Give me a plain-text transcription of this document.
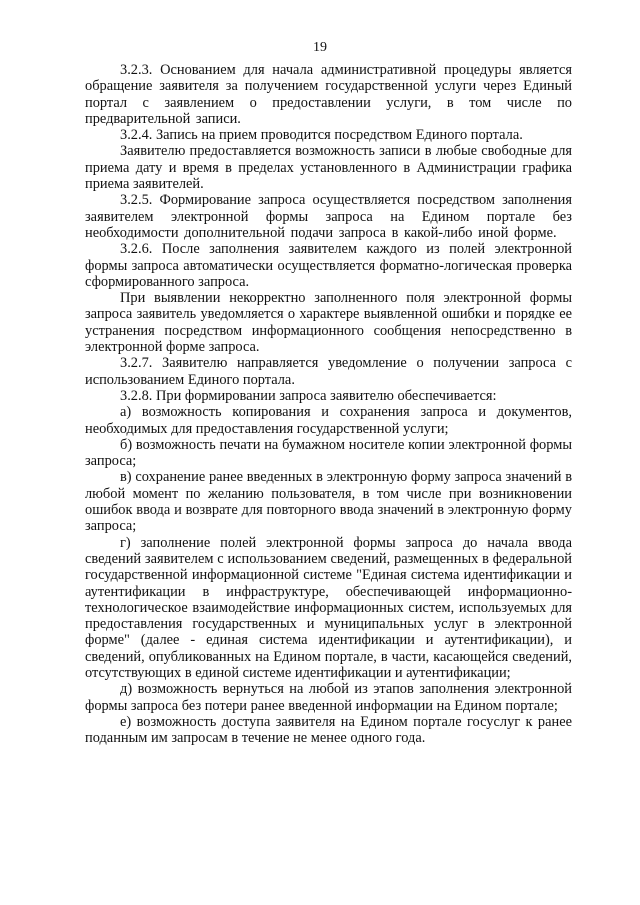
19

3.2.3. Основанием для начала административной процедуры является обращение заявителя за получением государственной услуги через Единый портал с заявлением о предоставлении услуги, в том числе по предварительной записи.

3.2.4. Запись на прием проводится посредством Единого портала.

Заявителю предоставляется возможность записи в любые свободные для приема дату и время в пределах установленного в Администрации графика приема заявителей.

3.2.5. Формирование запроса осуществляется посредством заполнения заявителем электронной формы запроса на Едином портале без необходимости дополнительной подачи запроса в какой-либо иной форме.

3.2.6. После заполнения заявителем каждого из полей электронной формы запроса автоматически осуществляется форматно-логическая проверка сформированного запроса.

При выявлении некорректно заполненного поля электронной формы запроса заявитель уведомляется о характере выявленной ошибки и порядке ее устранения посредством информационного сообщения непосредственно в электронной форме запроса.

3.2.7. Заявителю направляется уведомление о получении запроса с использованием Единого портала.

3.2.8. При формировании запроса заявителю обеспечивается:

а) возможность копирования и сохранения запроса и документов, необходимых для предоставления государственной услуги;

б) возможность печати на бумажном носителе копии электронной формы запроса;

в) сохранение ранее введенных в электронную форму запроса значений в любой момент по желанию пользователя, в том числе при возникновении ошибок ввода и возврате для повторного ввода значений в электронную форму запроса;

г) заполнение полей электронной формы запроса до начала ввода сведений заявителем с использованием сведений, размещенных в федеральной государственной информационной системе "Единая система идентификации и аутентификации в инфраструктуре, обеспечивающей информационно-технологическое взаимодействие информационных систем, используемых для предоставления государственных и муниципальных услуг в электронной форме" (далее - единая система идентификации и аутентификации), и сведений, опубликованных на Едином портале, в части, касающейся сведений, отсутствующих в единой системе идентификации и аутентификации;

д) возможность вернуться на любой из этапов заполнения электронной формы запроса без потери ранее введенной информации на Едином портале;

е) возможность доступа заявителя на Едином портале госуслуг к ранее поданным им запросам в течение не менее одного года.
